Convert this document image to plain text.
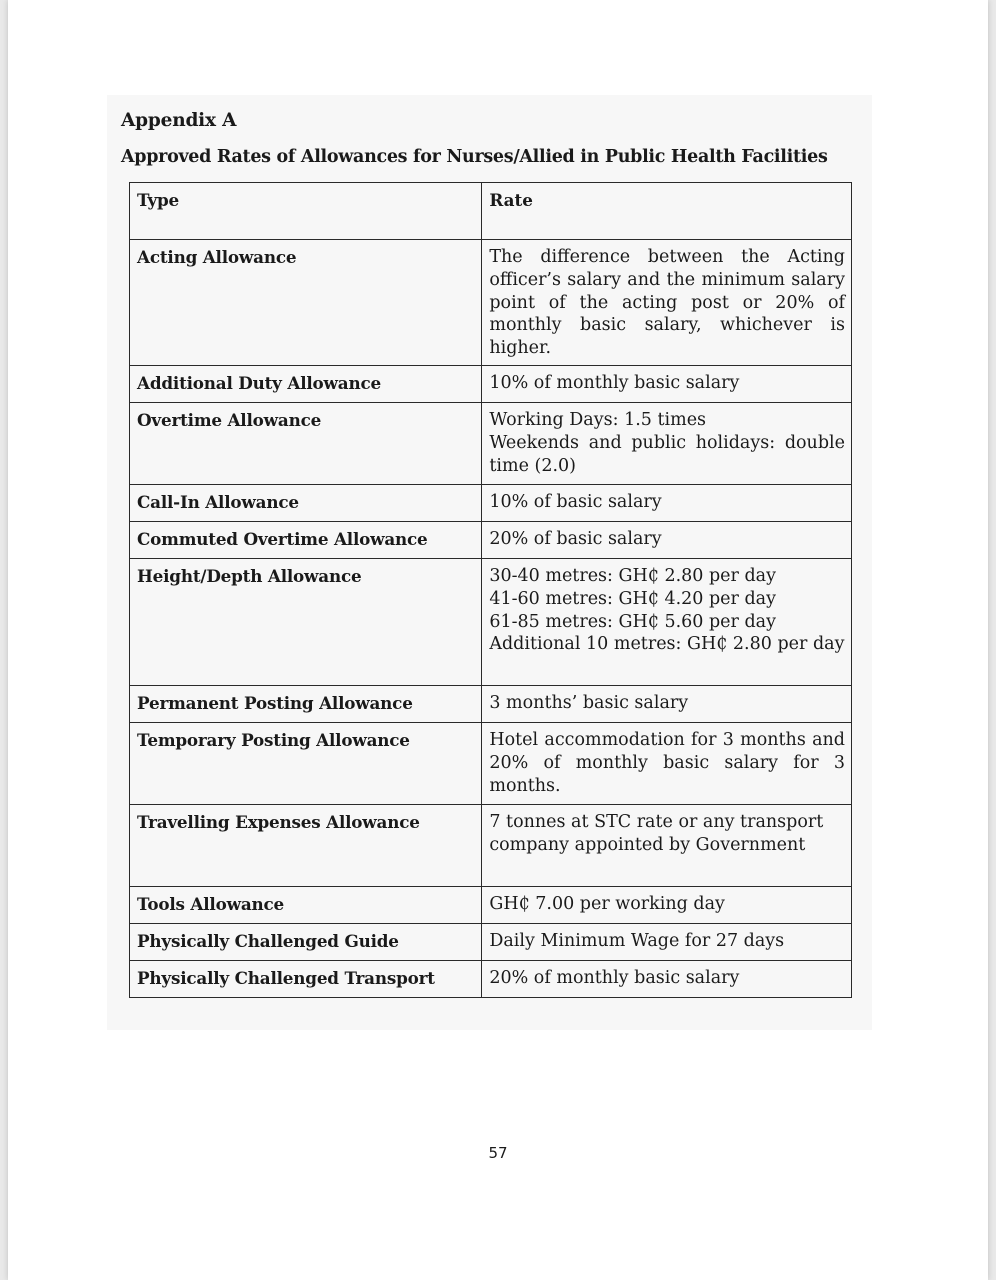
Appendix A
Approved Rates of Allowances for Nurses/Allied in Public Health Facilities
Type	Rate
Acting Allowance	The difference between the Acting officer’s salary and the minimum salary point of the acting post or 20% of monthly basic salary, whichever is higher.
Additional Duty Allowance	10% of monthly basic salary
Overtime Allowance	Working Days: 1.5 times
Weekends and public holidays: double time (2.0)
Call-In Allowance	10% of basic salary
Commuted Overtime Allowance	20% of basic salary
Height/Depth Allowance	30-40 metres: GH₵ 2.80 per day
41-60 metres: GH₵ 4.20 per day
61-85 metres: GH₵ 5.60 per day
Additional 10 metres: GH₵ 2.80 per day
Permanent Posting Allowance	3 months’ basic salary
Temporary Posting Allowance	Hotel accommodation for 3 months and 20% of monthly basic salary for 3 months.
Travelling Expenses Allowance	7 tonnes at STC rate or any transport company appointed by Government
Tools Allowance	GH₵ 7.00 per working day
Physically Challenged Guide	Daily Minimum Wage for 27 days
Physically Challenged Transport	20% of monthly basic salary
57
